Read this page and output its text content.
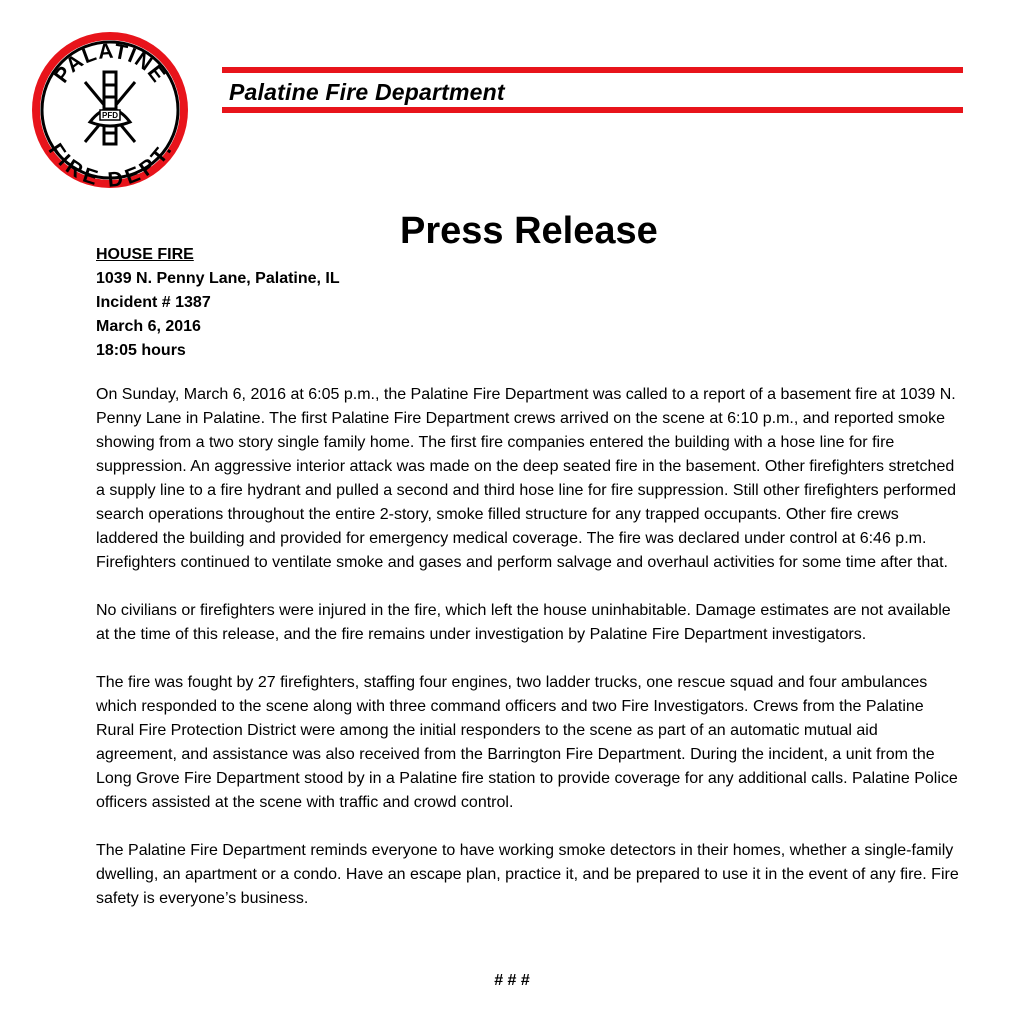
PALATINE
FIRE DEPT.
PFD
Palatine Fire Department
Press Release
HOUSE FIRE
1039 N. Penny Lane, Palatine, IL
Incident # 1387
March 6, 2016
18:05 hours

On Sunday, March 6, 2016 at 6:05 p.m., the Palatine Fire Department was called to a report of a basement fire at 1039 N. Penny Lane in Palatine. The first Palatine Fire Department crews arrived on the scene at 6:10 p.m., and reported smoke showing from a two story single family home. The first fire companies entered the building with a hose line for fire suppression. An aggressive interior attack was made on the deep seated fire in the basement. Other firefighters stretched a supply line to a fire hydrant and pulled a second and third hose line for fire suppression. Still other firefighters performed search operations throughout the entire 2-story, smoke filled structure for any trapped occupants. Other fire crews laddered the building and provided for emergency medical coverage. The fire was declared under control at 6:46 p.m. Firefighters continued to ventilate smoke and gases and perform salvage and overhaul activities for some time after that.

No civilians or firefighters were injured in the fire, which left the house uninhabitable. Damage estimates are not available at the time of this release, and the fire remains under investigation by Palatine Fire Department investigators.

The fire was fought by 27 firefighters, staffing four engines, two ladder trucks, one rescue squad and four ambulances which responded to the scene along with three command officers and two Fire Investigators. Crews from the Palatine Rural Fire Protection District were among the initial responders to the scene as part of an automatic mutual aid agreement, and assistance was also received from the Barrington Fire Department. During the incident, a unit from the Long Grove Fire Department stood by in a Palatine fire station to provide coverage for any additional calls. Palatine Police officers assisted at the scene with traffic and crowd control.

The Palatine Fire Department reminds everyone to have working smoke detectors in their homes, whether a single-family dwelling, an apartment or a condo. Have an escape plan, practice it, and be prepared to use it in the event of any fire. Fire safety is everyone’s business.

# # #
